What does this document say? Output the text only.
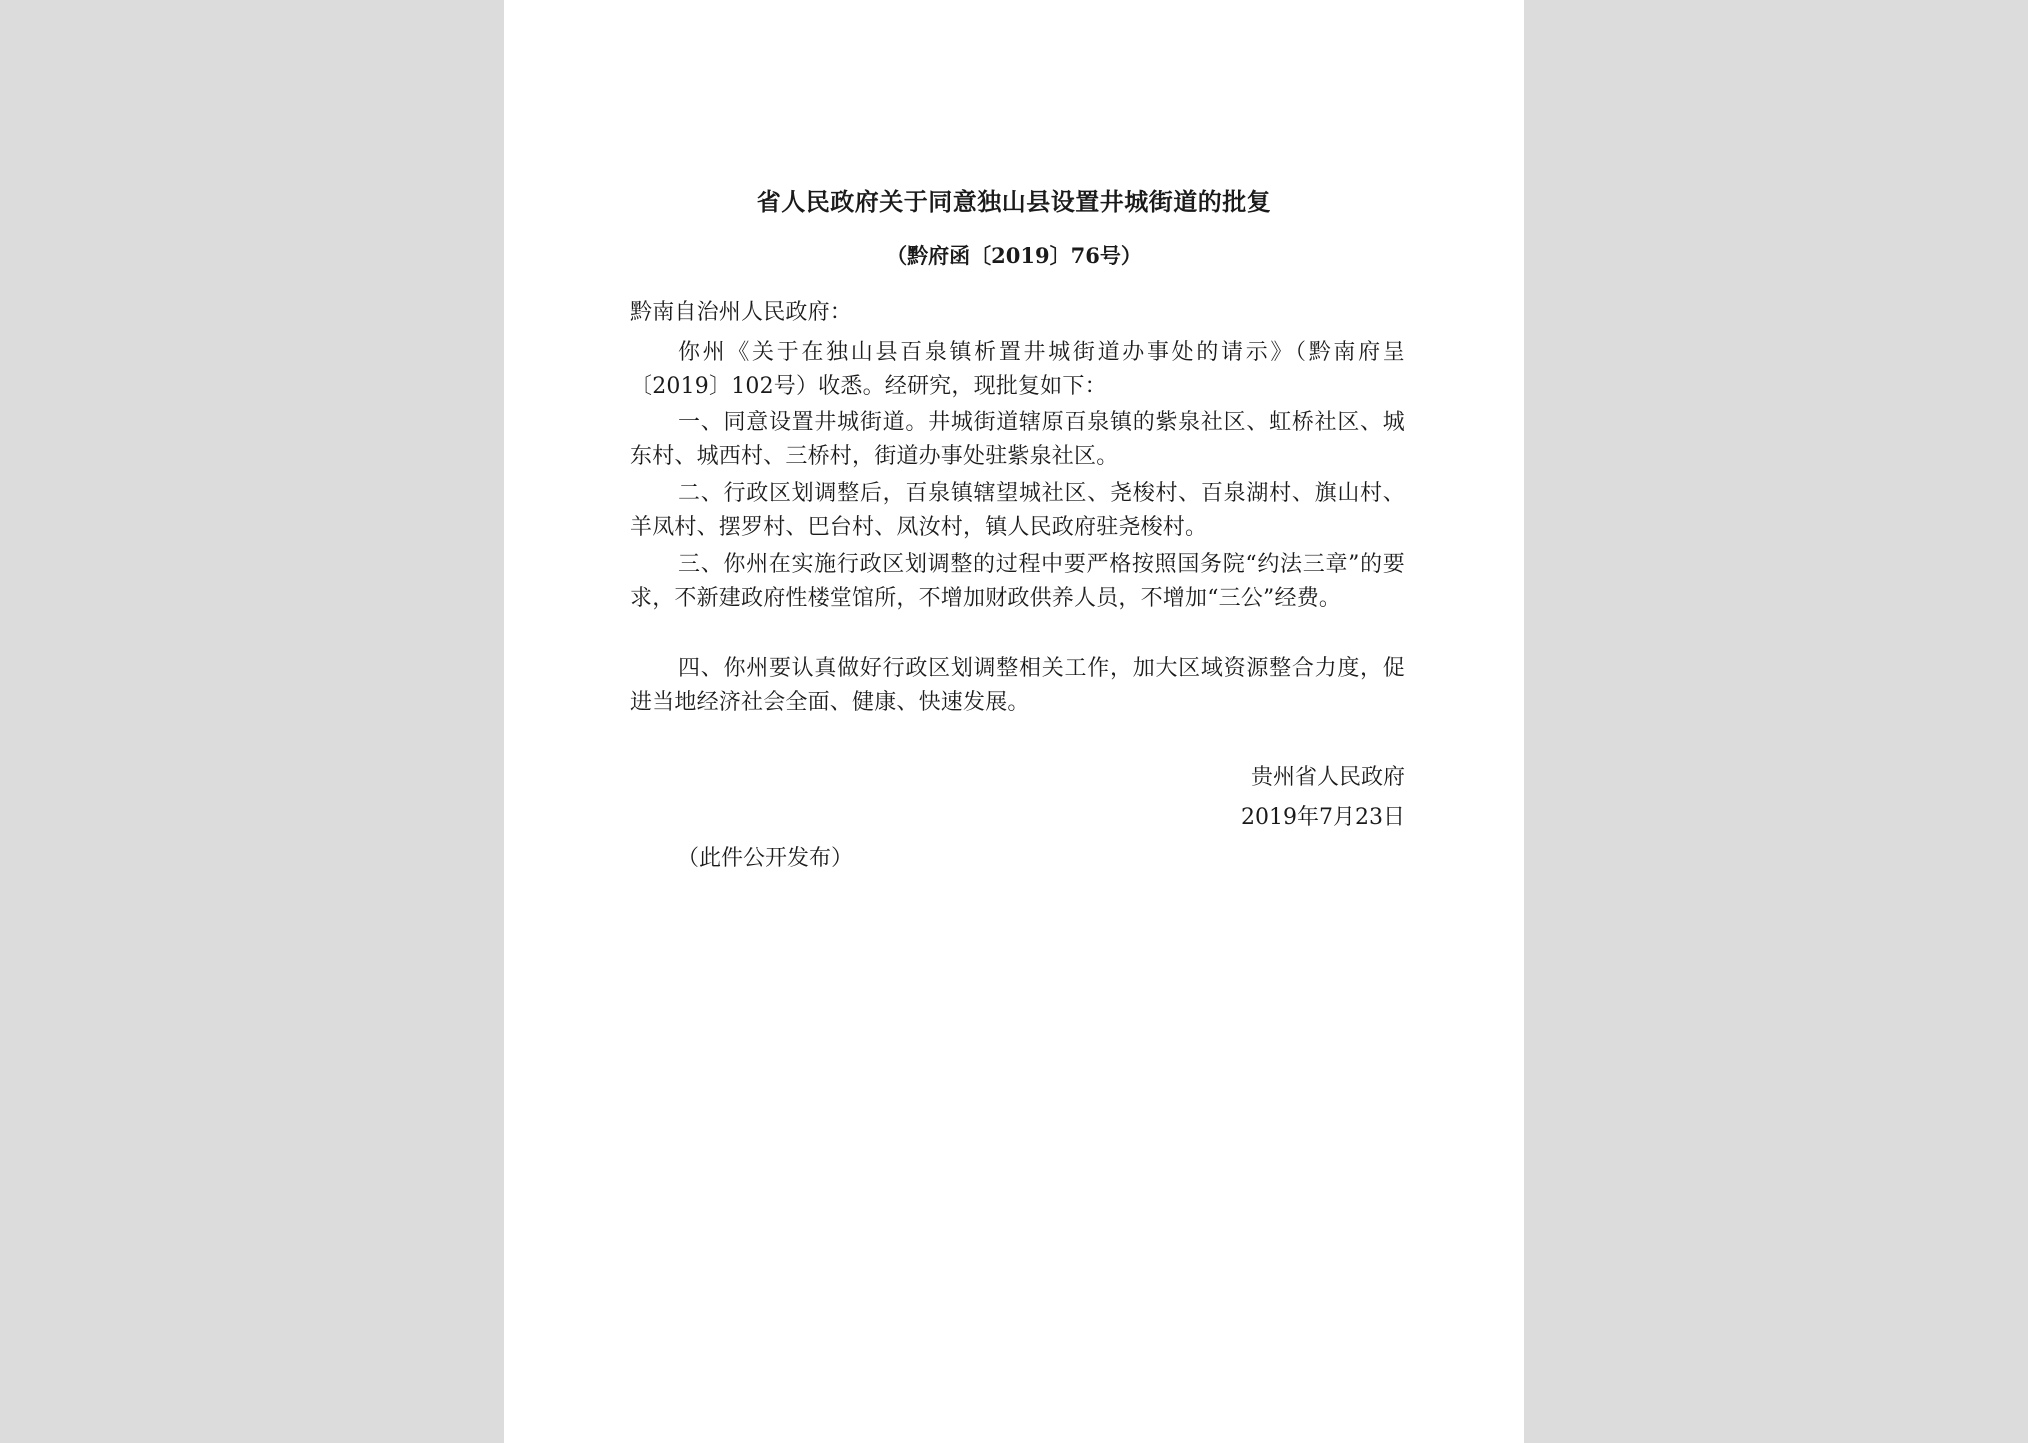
省人民政府关于同意独山县设置井城街道的批复
（黔府函〔2019〕76号）
黔南自治州人民政府：
你州《关于在独山县百泉镇析置井城街道办事处的请示》（黔南府呈〔2019〕102号）收悉。经研究，现批复如下：
一、同意设置井城街道。井城街道辖原百泉镇的紫泉社区、虹桥社区、城东村、城西村、三桥村，街道办事处驻紫泉社区。
二、行政区划调整后，百泉镇辖望城社区、尧梭村、百泉湖村、旗山村、羊凤村、摆罗村、巴台村、凤汝村，镇人民政府驻尧梭村。
三、你州在实施行政区划调整的过程中要严格按照国务院“约法三章”的要求，不新建政府性楼堂馆所，不增加财政供养人员，不增加“三公”经费。
四、你州要认真做好行政区划调整相关工作，加大区域资源整合力度，促进当地经济社会全面、健康、快速发展。
贵州省人民政府
2019年7月23日
（此件公开发布）
